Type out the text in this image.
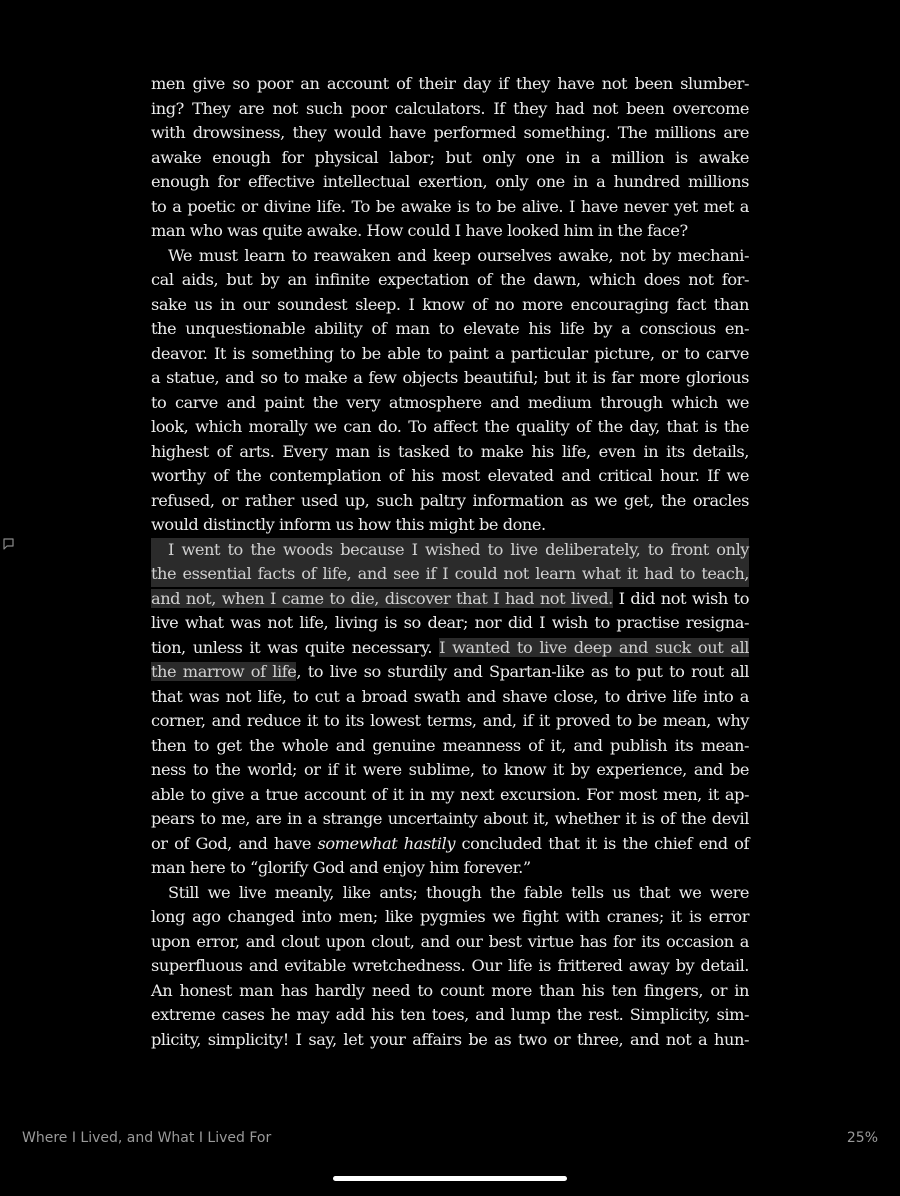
men give so poor an account of their day if they have not been slumber-

ing? They are not such poor calculators. If they had not been overcome

with drowsiness, they would have performed something. The millions are

awake enough for physical labor; but only one in a million is awake

enough for effective intellectual exertion, only one in a hundred millions

to a poetic or divine life. To be awake is to be alive. I have never yet met a

man who was quite awake. How could I have looked him in the face?

We must learn to reawaken and keep ourselves awake, not by mechani-

cal aids, but by an infinite expectation of the dawn, which does not for-

sake us in our soundest sleep. I know of no more encouraging fact than

the unquestionable ability of man to elevate his life by a conscious en-

deavor. It is something to be able to paint a particular picture, or to carve

a statue, and so to make a few objects beautiful; but it is far more glorious

to carve and paint the very atmosphere and medium through which we

look, which morally we can do. To affect the quality of the day, that is the

highest of arts. Every man is tasked to make his life, even in its details,

worthy of the contemplation of his most elevated and critical hour. If we

refused, or rather used up, such paltry information as we get, the oracles

would distinctly inform us how this might be done.

I went to the woods because I wished to live deliberately, to front only

the essential facts of life, and see if I could not learn what it had to teach,

and not, when I came to die, discover that I had not lived. I did not wish to

live what was not life, living is so dear; nor did I wish to practise resigna-

tion, unless it was quite necessary. I wanted to live deep and suck out all

the marrow of life, to live so sturdily and Spartan-like as to put to rout all

that was not life, to cut a broad swath and shave close, to drive life into a

corner, and reduce it to its lowest terms, and, if it proved to be mean, why

then to get the whole and genuine meanness of it, and publish its mean-

ness to the world; or if it were sublime, to know it by experience, and be

able to give a true account of it in my next excursion. For most men, it ap-

pears to me, are in a strange uncertainty about it, whether it is of the devil

or of God, and have somewhat hastily concluded that it is the chief end of

man here to “glorify God and enjoy him forever.”

Still we live meanly, like ants; though the fable tells us that we were

long ago changed into men; like pygmies we fight with cranes; it is error

upon error, and clout upon clout, and our best virtue has for its occasion a

superfluous and evitable wretchedness. Our life is frittered away by detail.

An honest man has hardly need to count more than his ten fingers, or in

extreme cases he may add his ten toes, and lump the rest. Simplicity, sim-

plicity, simplicity! I say, let your affairs be as two or three, and not a hun-

Where I Lived, and What I Lived For	25%
